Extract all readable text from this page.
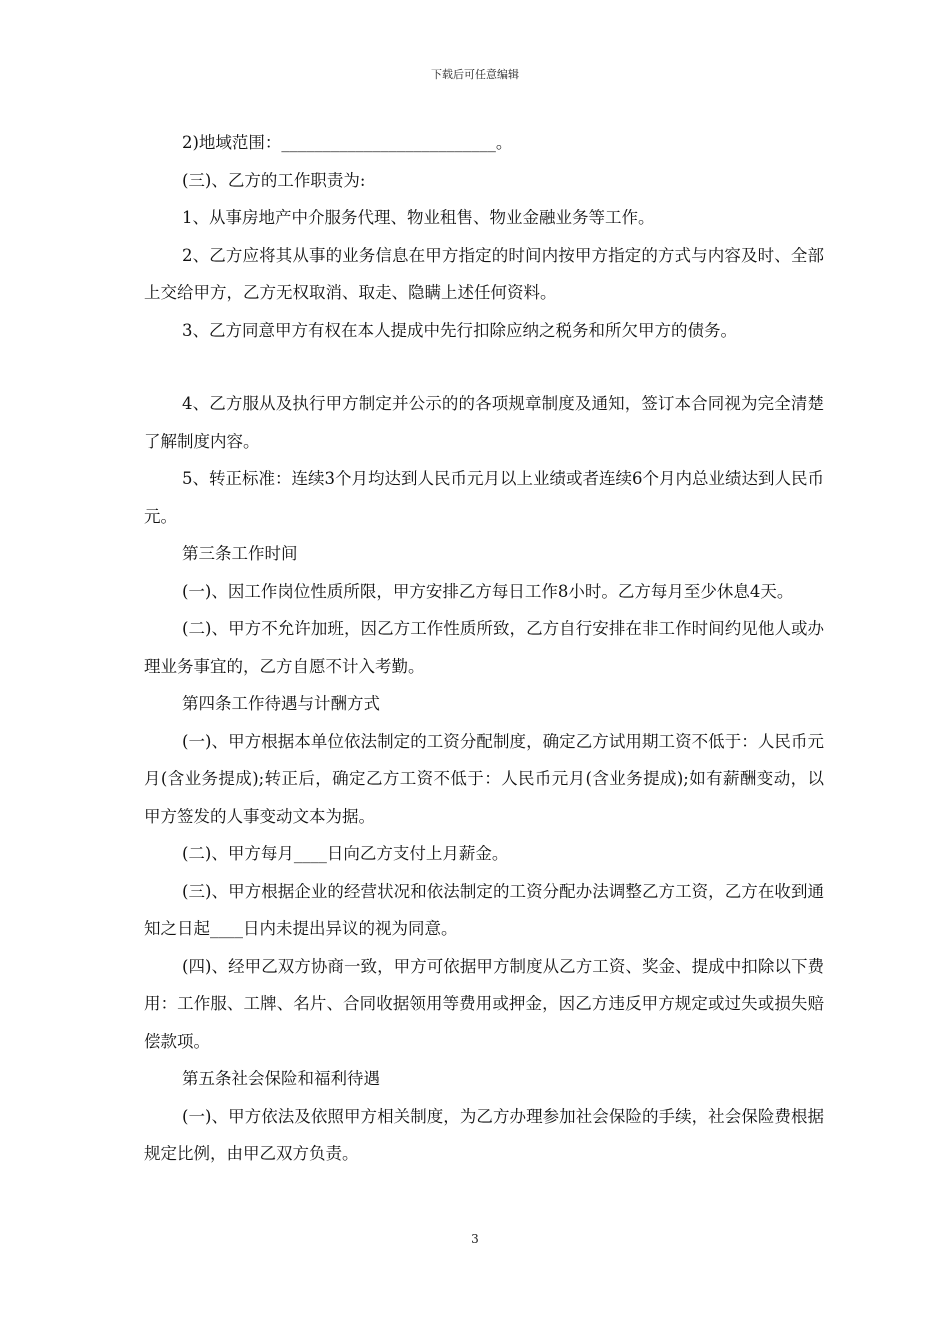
下载后可任意编辑

2)地域范围：__________________________。

(三)、乙方的工作职责为:

1、从事房地产中介服务代理、物业租售、物业金融业务等工作。

2、乙方应将其从事的业务信息在甲方指定的时间内按甲方指定的方式与内容及时、全部上交给甲方，乙方无权取消、取走、隐瞒上述任何资料。

3、乙方同意甲方有权在本人提成中先行扣除应纳之税务和所欠甲方的债务。

4、乙方服从及执行甲方制定并公示的的各项规章制度及通知，签订本合同视为完全清楚了解制度内容。

5、转正标准：连续3个月均达到人民币元月以上业绩或者连续6个月内总业绩达到人民币元。

第三条工作时间

(一)、因工作岗位性质所限，甲方安排乙方每日工作8小时。乙方每月至少休息4天。

(二)、甲方不允许加班，因乙方工作性质所致，乙方自行安排在非工作时间约见他人或办理业务事宜的，乙方自愿不计入考勤。

第四条工作待遇与计酬方式

(一)、甲方根据本单位依法制定的工资分配制度，确定乙方试用期工资不低于：人民币元月(含业务提成);转正后，确定乙方工资不低于：人民币元月(含业务提成);如有薪酬变动，以甲方签发的人事变动文本为据。

(二)、甲方每月____日向乙方支付上月薪金。

(三)、甲方根据企业的经营状况和依法制定的工资分配办法调整乙方工资，乙方在收到通知之日起____日内未提出异议的视为同意。

(四)、经甲乙双方协商一致，甲方可依据甲方制度从乙方工资、奖金、提成中扣除以下费用：工作服、工牌、名片、合同收据领用等费用或押金，因乙方违反甲方规定或过失或损失赔偿款项。

第五条社会保险和福利待遇

(一)、甲方依法及依照甲方相关制度，为乙方办理参加社会保险的手续，社会保险费根据规定比例，由甲乙双方负责。

3
